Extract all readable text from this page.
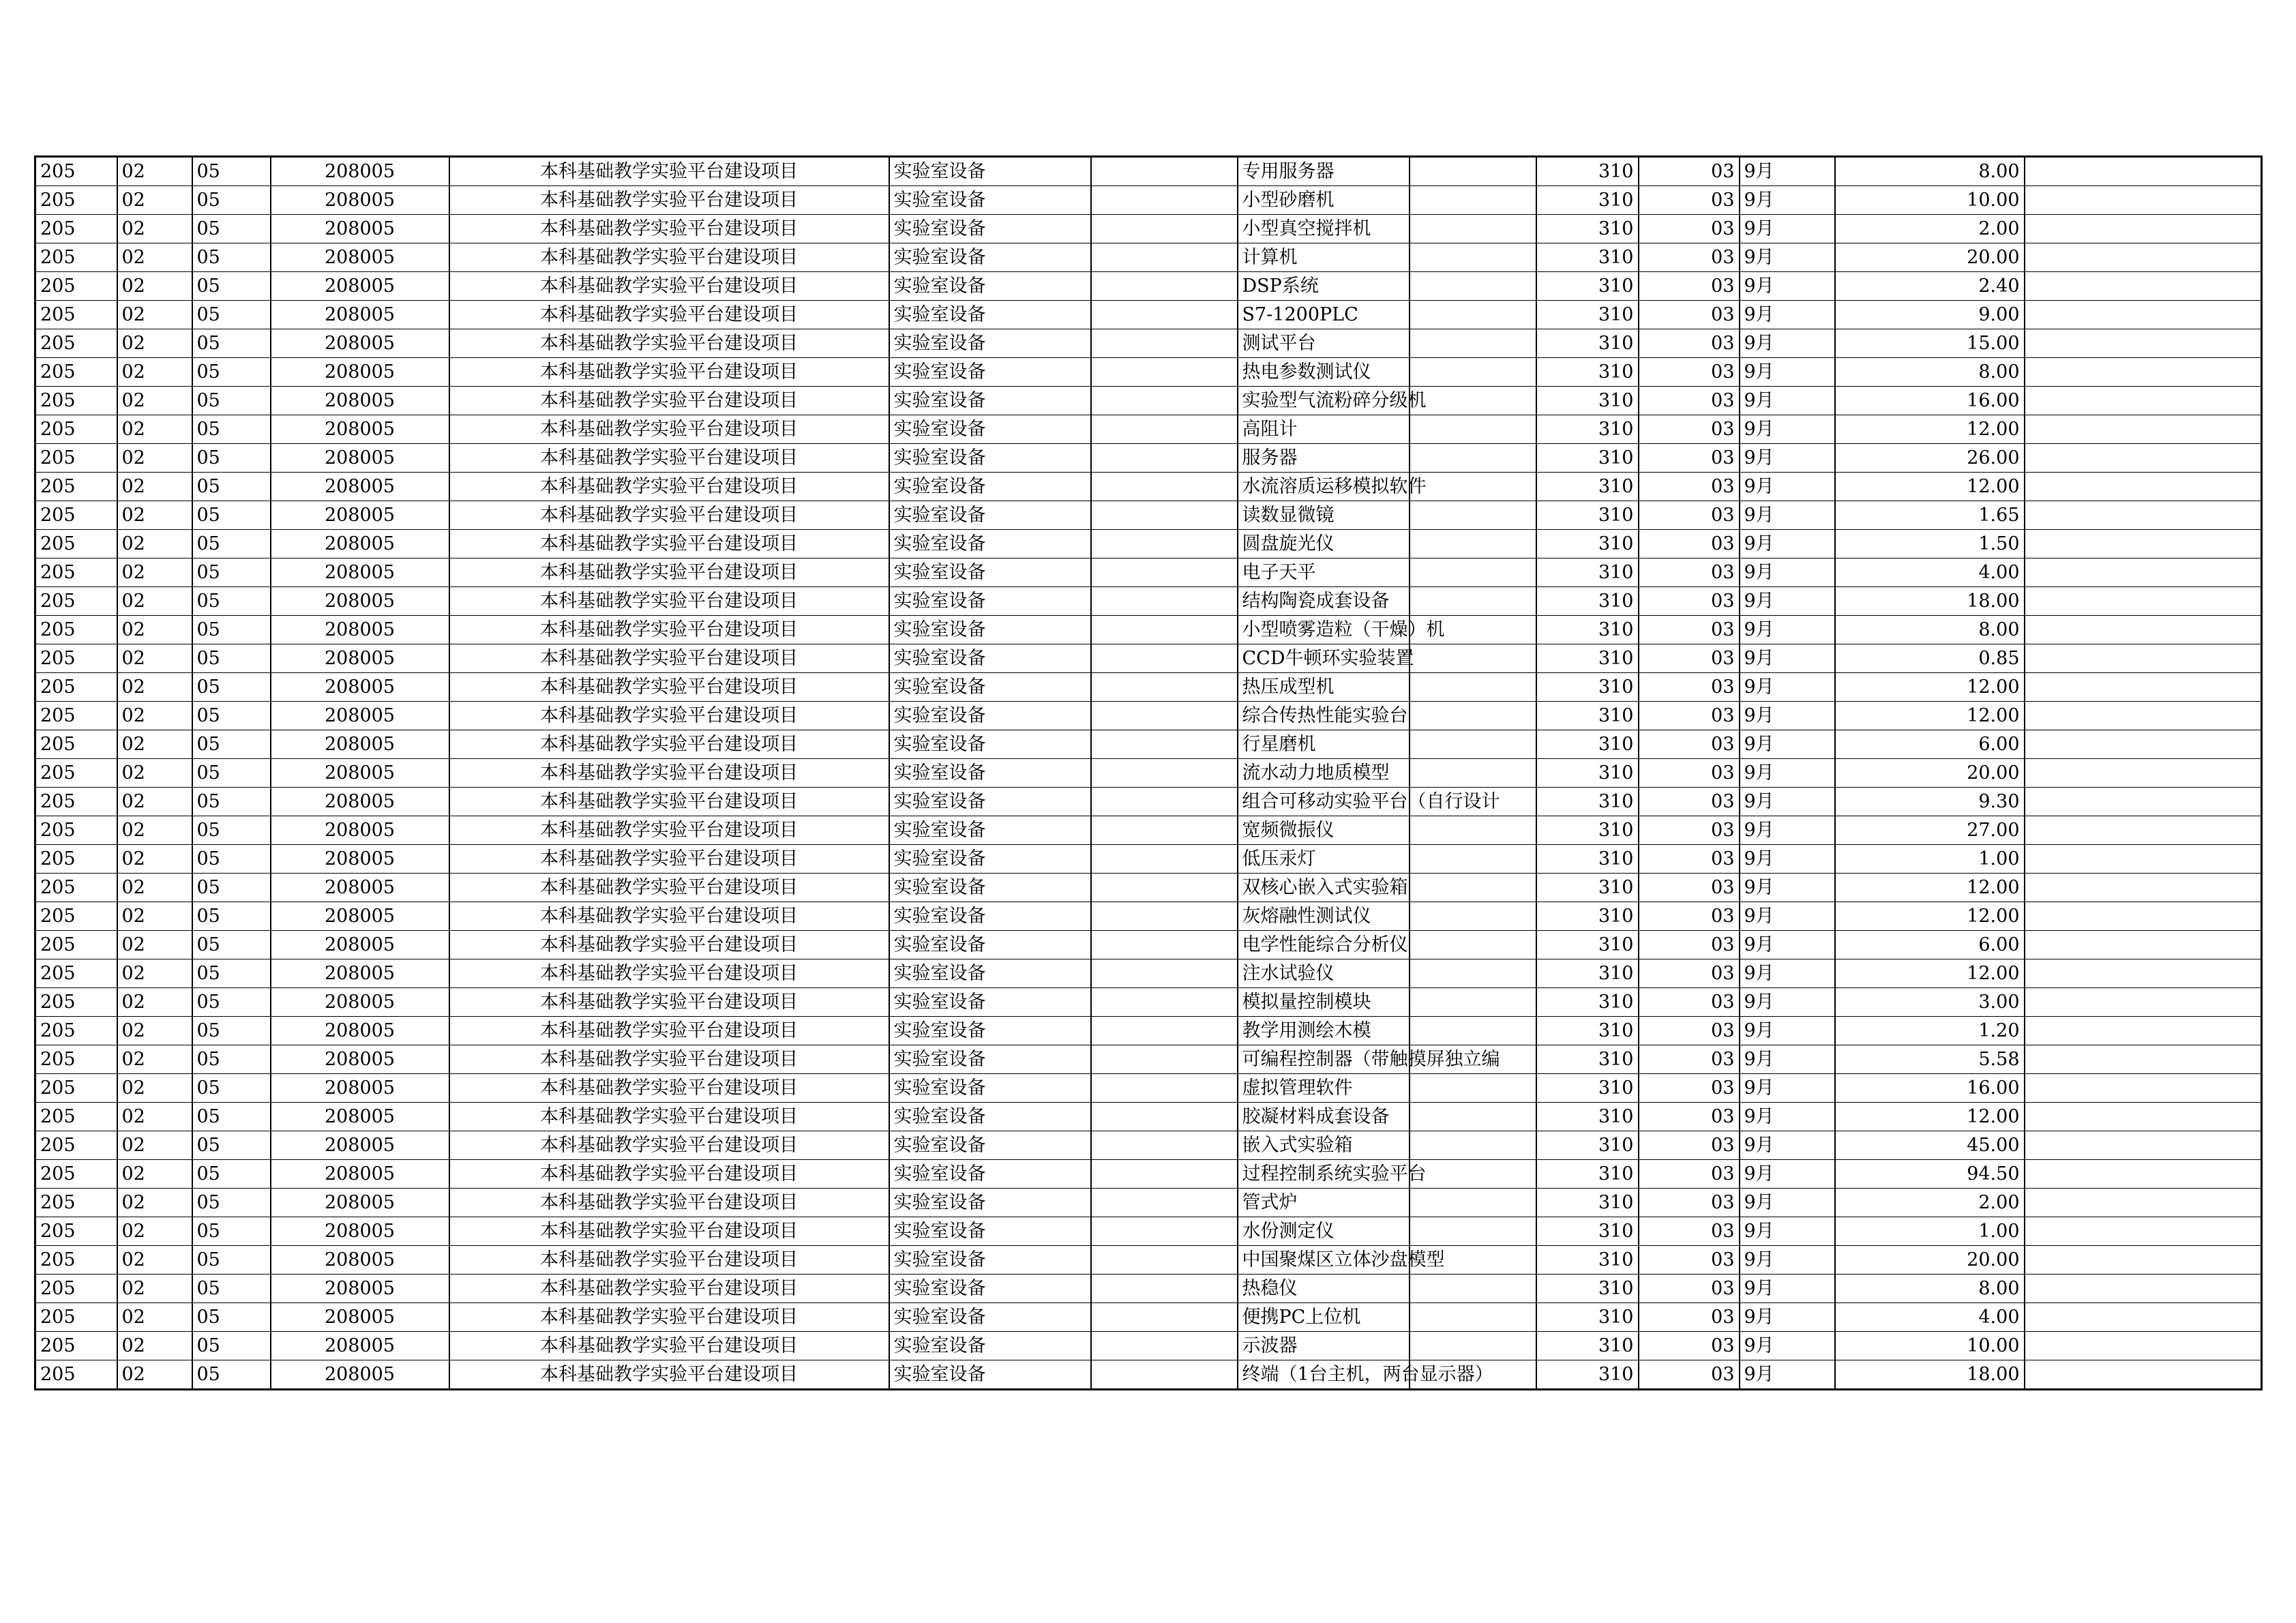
205	02	05	208005	本科基础教学实验平台建设项目	实验室设备		专用服务器	310	03	9月	8.00	
205	02	05	208005	本科基础教学实验平台建设项目	实验室设备		小型砂磨机	310	03	9月	10.00	
205	02	05	208005	本科基础教学实验平台建设项目	实验室设备		小型真空搅拌机	310	03	9月	2.00	
205	02	05	208005	本科基础教学实验平台建设项目	实验室设备		计算机	310	03	9月	20.00	
205	02	05	208005	本科基础教学实验平台建设项目	实验室设备		DSP系统	310	03	9月	2.40	
205	02	05	208005	本科基础教学实验平台建设项目	实验室设备		S7-1200PLC	310	03	9月	9.00	
205	02	05	208005	本科基础教学实验平台建设项目	实验室设备		测试平台	310	03	9月	15.00	
205	02	05	208005	本科基础教学实验平台建设项目	实验室设备		热电参数测试仪	310	03	9月	8.00	
205	02	05	208005	本科基础教学实验平台建设项目	实验室设备		实验型气流粉碎分级机	310	03	9月	16.00	
205	02	05	208005	本科基础教学实验平台建设项目	实验室设备		高阻计	310	03	9月	12.00	
205	02	05	208005	本科基础教学实验平台建设项目	实验室设备		服务器	310	03	9月	26.00	
205	02	05	208005	本科基础教学实验平台建设项目	实验室设备		水流溶质运移模拟软件	310	03	9月	12.00	
205	02	05	208005	本科基础教学实验平台建设项目	实验室设备		读数显微镜	310	03	9月	1.65	
205	02	05	208005	本科基础教学实验平台建设项目	实验室设备		圆盘旋光仪	310	03	9月	1.50	
205	02	05	208005	本科基础教学实验平台建设项目	实验室设备		电子天平	310	03	9月	4.00	
205	02	05	208005	本科基础教学实验平台建设项目	实验室设备		结构陶瓷成套设备	310	03	9月	18.00	
205	02	05	208005	本科基础教学实验平台建设项目	实验室设备		小型喷雾造粒（干燥）机	310	03	9月	8.00	
205	02	05	208005	本科基础教学实验平台建设项目	实验室设备		CCD牛顿环实验装置	310	03	9月	0.85	
205	02	05	208005	本科基础教学实验平台建设项目	实验室设备		热压成型机	310	03	9月	12.00	
205	02	05	208005	本科基础教学实验平台建设项目	实验室设备		综合传热性能实验台	310	03	9月	12.00	
205	02	05	208005	本科基础教学实验平台建设项目	实验室设备		行星磨机	310	03	9月	6.00	
205	02	05	208005	本科基础教学实验平台建设项目	实验室设备		流水动力地质模型	310	03	9月	20.00	
205	02	05	208005	本科基础教学实验平台建设项目	实验室设备		组合可移动实验平台（自行设计	310	03	9月	9.30	
205	02	05	208005	本科基础教学实验平台建设项目	实验室设备		宽频微振仪	310	03	9月	27.00	
205	02	05	208005	本科基础教学实验平台建设项目	实验室设备		低压汞灯	310	03	9月	1.00	
205	02	05	208005	本科基础教学实验平台建设项目	实验室设备		双核心嵌入式实验箱	310	03	9月	12.00	
205	02	05	208005	本科基础教学实验平台建设项目	实验室设备		灰熔融性测试仪	310	03	9月	12.00	
205	02	05	208005	本科基础教学实验平台建设项目	实验室设备		电学性能综合分析仪	310	03	9月	6.00	
205	02	05	208005	本科基础教学实验平台建设项目	实验室设备		注水试验仪	310	03	9月	12.00	
205	02	05	208005	本科基础教学实验平台建设项目	实验室设备		模拟量控制模块	310	03	9月	3.00	
205	02	05	208005	本科基础教学实验平台建设项目	实验室设备		教学用测绘木模	310	03	9月	1.20	
205	02	05	208005	本科基础教学实验平台建设项目	实验室设备		可编程控制器（带触摸屏独立编	310	03	9月	5.58	
205	02	05	208005	本科基础教学实验平台建设项目	实验室设备		虚拟管理软件	310	03	9月	16.00	
205	02	05	208005	本科基础教学实验平台建设项目	实验室设备		胶凝材料成套设备	310	03	9月	12.00	
205	02	05	208005	本科基础教学实验平台建设项目	实验室设备		嵌入式实验箱	310	03	9月	45.00	
205	02	05	208005	本科基础教学实验平台建设项目	实验室设备		过程控制系统实验平台	310	03	9月	94.50	
205	02	05	208005	本科基础教学实验平台建设项目	实验室设备		管式炉	310	03	9月	2.00	
205	02	05	208005	本科基础教学实验平台建设项目	实验室设备		水份测定仪	310	03	9月	1.00	
205	02	05	208005	本科基础教学实验平台建设项目	实验室设备		中国聚煤区立体沙盘模型	310	03	9月	20.00	
205	02	05	208005	本科基础教学实验平台建设项目	实验室设备		热稳仪	310	03	9月	8.00	
205	02	05	208005	本科基础教学实验平台建设项目	实验室设备		便携PC上位机	310	03	9月	4.00	
205	02	05	208005	本科基础教学实验平台建设项目	实验室设备		示波器	310	03	9月	10.00	
205	02	05	208005	本科基础教学实验平台建设项目	实验室设备		终端（1台主机，两台显示器）	310	03	9月	18.00	
